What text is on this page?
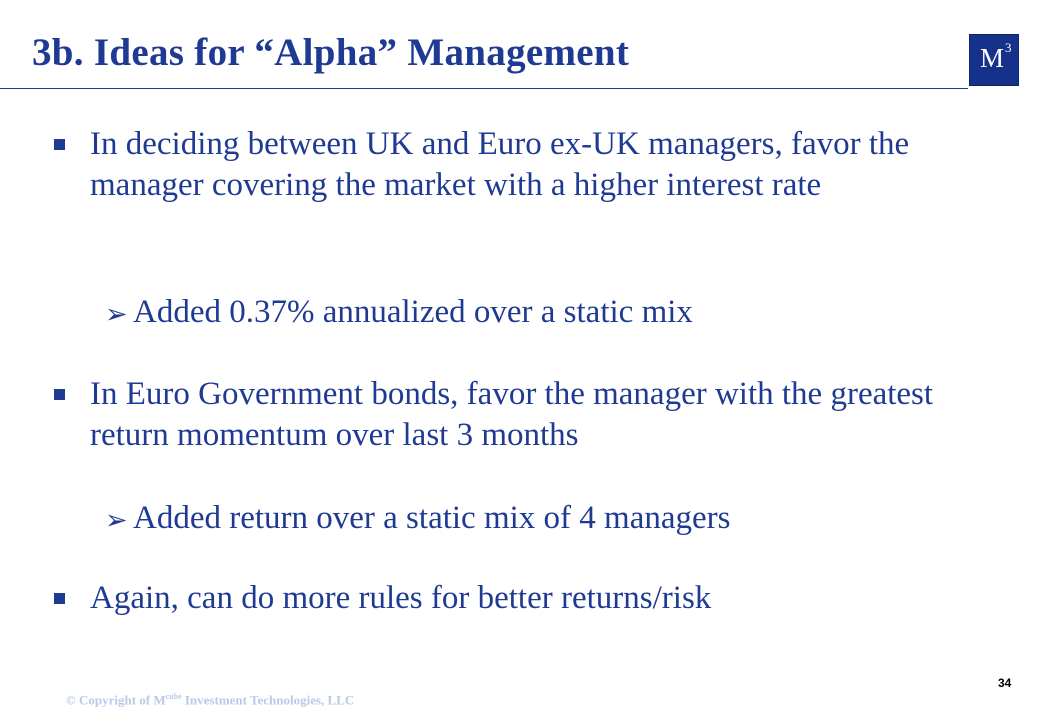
3b. Ideas for “Alpha” Management	M 3
In deciding between UK and Euro ex-UK managers, favor the manager covering the market with a higher interest rate
➢ Added 0.37% annualized over a static mix
In Euro Government bonds, favor the manager with the greatest return momentum over last 3 months
➢ Added return over a static mix of 4 managers
Again, can do more rules for better returns/risk
© Copyright of $M^{cube}$ Investment Technologies, LLC
34
